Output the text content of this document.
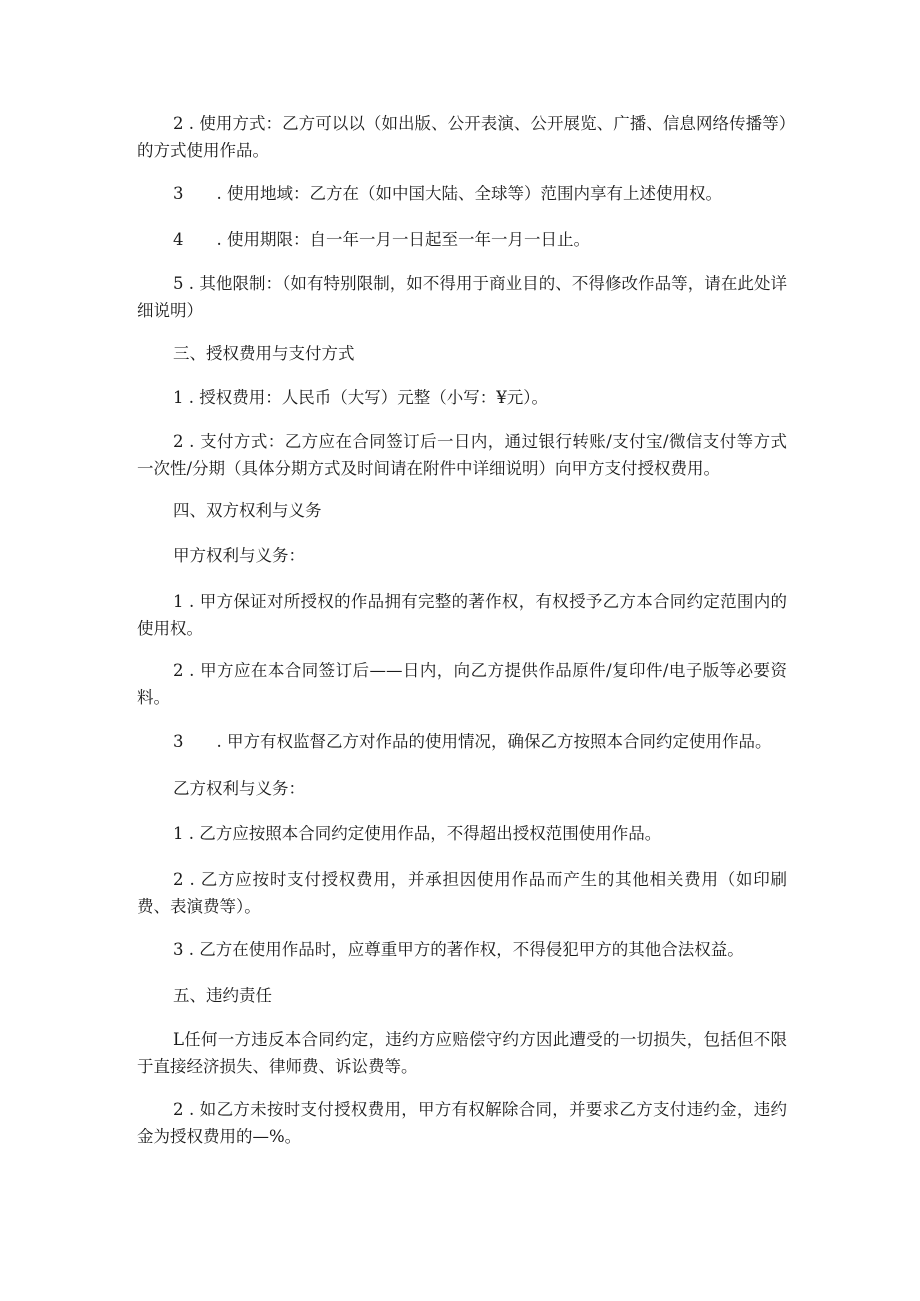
2 . 使用方式：乙方可以以（如出版、公开表演、公开展览、广播、信息网络传播等）的方式使用作品。

3　　. 使用地域：乙方在（如中国大陆、全球等）范围内享有上述使用权。

4　　. 使用期限：自一年一月一日起至一年一月一日止。

5 . 其他限制：（如有特别限制，如不得用于商业目的、不得修改作品等，请在此处详细说明）

三、授权费用与支付方式

1 . 授权费用：人民币（大写）元整（小写：¥元）。

2 . 支付方式：乙方应在合同签订后一日内，通过银行转账/支付宝/微信支付等方式一次性/分期（具体分期方式及时间请在附件中详细说明）向甲方支付授权费用。

四、双方权利与义务

甲方权利与义务：

1 . 甲方保证对所授权的作品拥有完整的著作权，有权授予乙方本合同约定范围内的使用权。

2 . 甲方应在本合同签订后——日内，向乙方提供作品原件/复印件/电子版等必要资料。

3　　. 甲方有权监督乙方对作品的使用情况，确保乙方按照本合同约定使用作品。

乙方权利与义务：

1 . 乙方应按照本合同约定使用作品，不得超出授权范围使用作品。

2 . 乙方应按时支付授权费用，并承担因使用作品而产生的其他相关费用（如印刷费、表演费等）。

3 . 乙方在使用作品时，应尊重甲方的著作权，不得侵犯甲方的其他合法权益。

五、违约责任

L任何一方违反本合同约定，违约方应赔偿守约方因此遭受的一切损失，包括但不限于直接经济损失、律师费、诉讼费等。

2 . 如乙方未按时支付授权费用，甲方有权解除合同，并要求乙方支付违约金，违约金为授权费用的—%。
